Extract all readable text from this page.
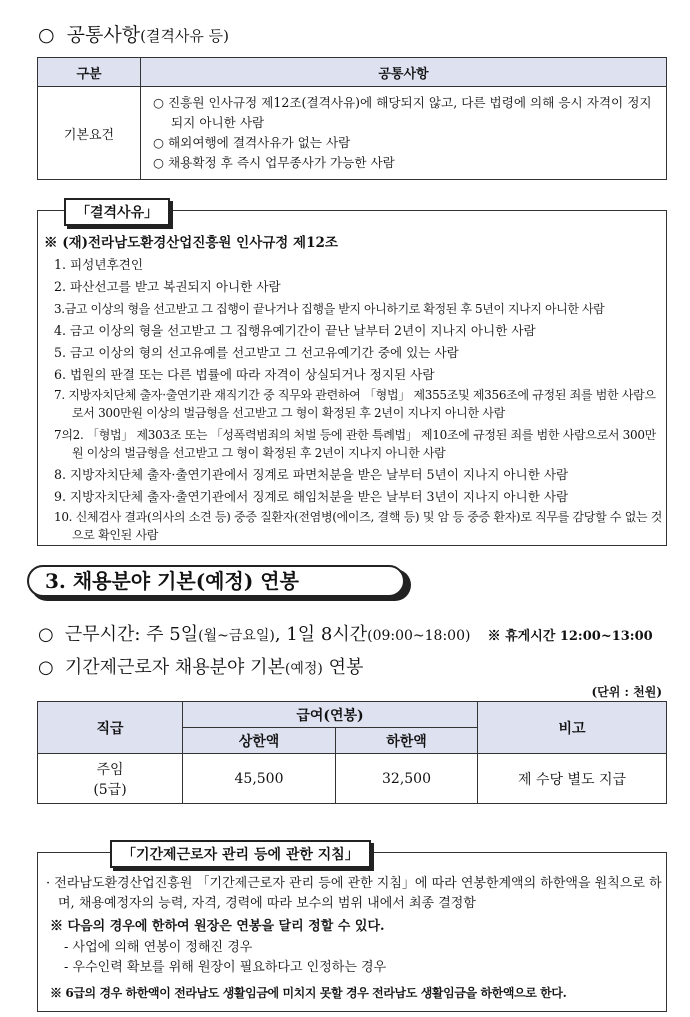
○ 공통사항(결격사유 등)
구분	공통사항
기본요건	○ 진흥원 인사규정 제12조(결격사유)에 해당되지 않고, 다른 법령에 의해 응시 자격이 정지되지 아니한 사람
○ 해외여행에 결격사유가 없는 사람
○ 채용확정 후 즉시 업무종사가 가능한 사람
「결격사유」
※ (재)전라남도환경산업진흥원 인사규정 제12조
1. 피성년후견인
2. 파산선고를 받고 복권되지 아니한 사람
3.금고 이상의 형을 선고받고 그 집행이 끝나거나 집행을 받지 아니하기로 확정된 후 5년이 지나지 아니한 사람
4. 금고 이상의 형을 선고받고 그 집행유예기간이 끝난 날부터 2년이 지나지 아니한 사람
5. 금고 이상의 형의 선고유예를 선고받고 그 선고유예기간 중에 있는 사람
6. 법원의 판결 또는 다른 법률에 따라 자격이 상실되거나 정지된 사람
7. 지방자치단체 출자·출연기관 재직기간 중 직무와 관련하여 「형법」 제355조및 제356조에 규정된 죄를 범한 사람으로서 300만원 이상의 벌금형을 선고받고 그 형이 확정된 후 2년이 지나지 아니한 사람
7의2. 「형법」 제303조 또는 「성폭력범죄의 처벌 등에 관한 특례법」 제10조에 규정된 죄를 범한 사람으로서 300만원 이상의 벌금형을 선고받고 그 형이 확정된 후 2년이 지나지 아니한 사람
8. 지방자치단체 출자·출연기관에서 징계로 파면처분을 받은 날부터 5년이 지나지 아니한 사람
9. 지방자치단체 출자·출연기관에서 징계로 해임처분을 받은 날부터 3년이 지나지 아니한 사람
10. 신체검사 결과(의사의 소견 등) 중증 질환자(전염병(에이즈, 결핵 등) 및 암 등 중증 환자)로 직무를 감당할 수 없는 것으로 확인된 사람
3. 채용분야 기본(예정) 연봉
○ 근무시간: 주 5일(월~금요일), 1일 8시간(09:00~18:00) ※ 휴게시간 12:00~13:00
○ 기간제근로자 채용분야 기본(예정) 연봉
(단위 : 천원)
직급	급여(연봉)		비고
	상한액	하한액	

주임
(5급)	45,500	32,500	제 수당 별도 지급
「기간제근로자 관리 등에 관한 지침」
· 전라남도환경산업진흥원 「기간제근로자 관리 등에 관한 지침」에 따라 연봉한계액의 하한액을 원칙으로 하며, 채용예정자의 능력, 자격, 경력에 따라 보수의 범위 내에서 최종 결정함
※ 다음의 경우에 한하여 원장은 연봉을 달리 정할 수 있다.
- 사업에 의해 연봉이 정해진 경우
- 우수인력 확보를 위해 원장이 필요하다고 인정하는 경우
※ 6급의 경우 하한액이 전라남도 생활임금에 미치지 못할 경우 전라남도 생활임금을 하한액으로 한다.
